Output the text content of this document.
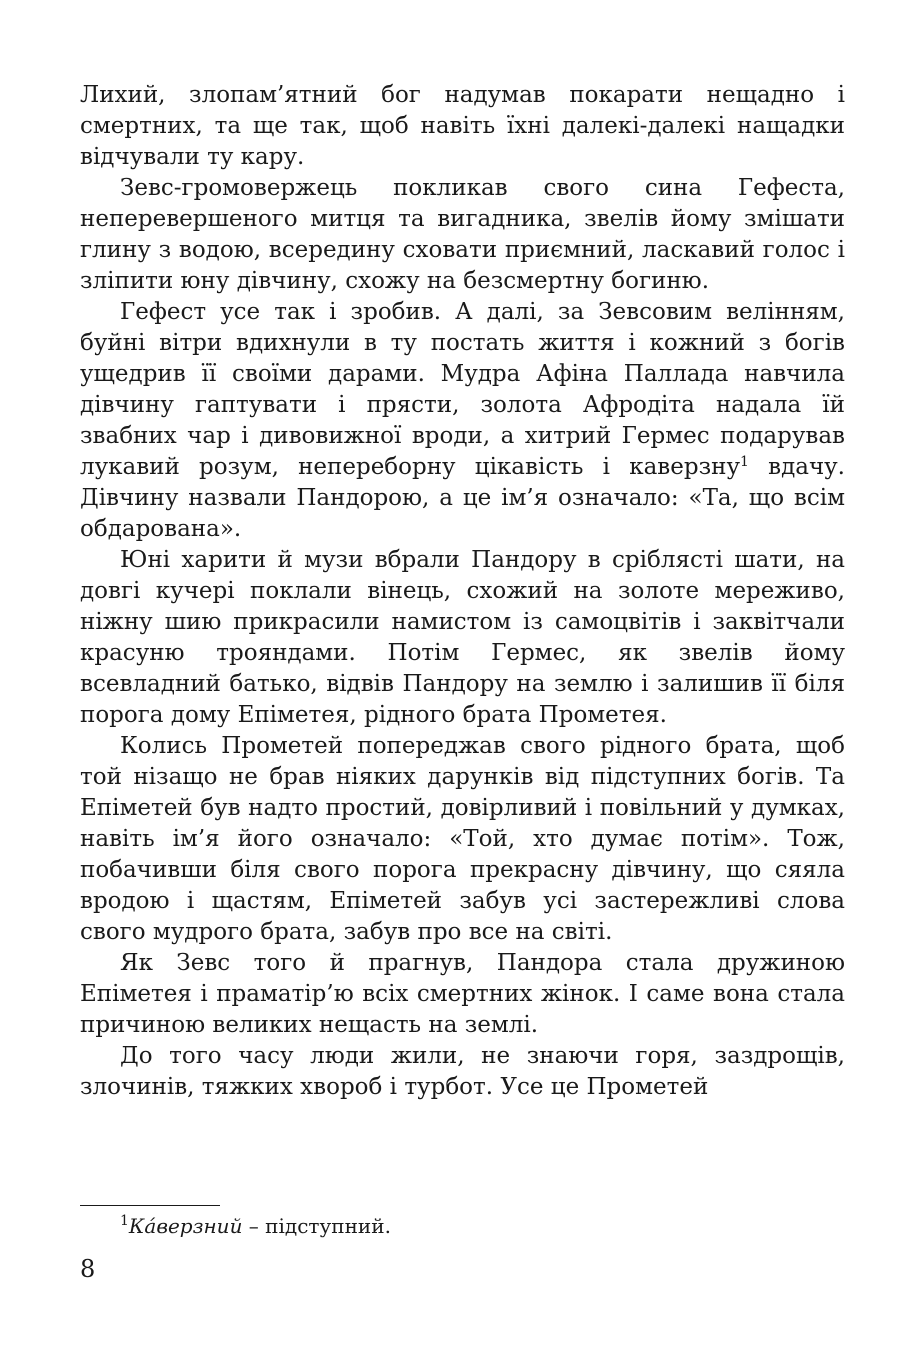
Лихий, злопам’ятний бог надумав покарати нещадно і смертних, та ще так, щоб навіть їхні далекі-далекі нащадки відчували ту кару.

Зевс-громовержець покликав свого сина Гефеста, неперевершеного митця та вигадника, звелів йому змішати глину з водою, всередину сховати приємний, ласкавий голос і зліпити юну дівчину, схожу на безсмертну богиню.

Гефест усе так і зробив. А далі, за Зевсовим велінням, буйні вітри вдихнули в ту постать життя і кожний з богів ущедрив її своїми дарами. Мудра Афіна Паллада навчила дівчину гаптувати і прясти, золота Афродіта надала їй звабних чар і дивовижної вроди, а хитрий Гермес подарував лукавий розум, непереборну цікавість і каверзну$^1$ вдачу. Дівчину назвали Пандорою, а це ім’я означало: «Та, що всім обдарована».

Юні харити й музи вбрали Пандору в сріблясті шати, на довгі кучері поклали вінець, схожий на золоте мереживо, ніжну шию прикрасили намистом із самоцвітів і заквітчали красуню трояндами. Потім Гермес, як звелів йому всевладний батько, відвів Пандору на землю і залишив її біля порога дому Епіметея, рідного брата Прометея.

Колись Прометей попереджав свого рідного брата, щоб той нізащо не брав ніяких дарунків від підступних богів. Та Епіметей був надто простий, довірливий і повільний у думках, навіть ім’я його означало: «Той, хто думає потім». Тож, побачивши біля свого порога прекрасну дівчину, що сяяла вродою і щастям, Епіметей забув усі застережливі слова свого мудрого брата, забув про все на світі.

Як Зевс того й прагнув, Пандора стала дружиною Епіметея і праматір’ю всіх смертних жінок. І саме вона стала причиною великих нещасть на землі.

До того часу люди жили, не знаючи горя, заздрощів, злочинів, тяжких хвороб і турбот. Усе це Прометей

$^1$Ка́верзний – підступний.
8
